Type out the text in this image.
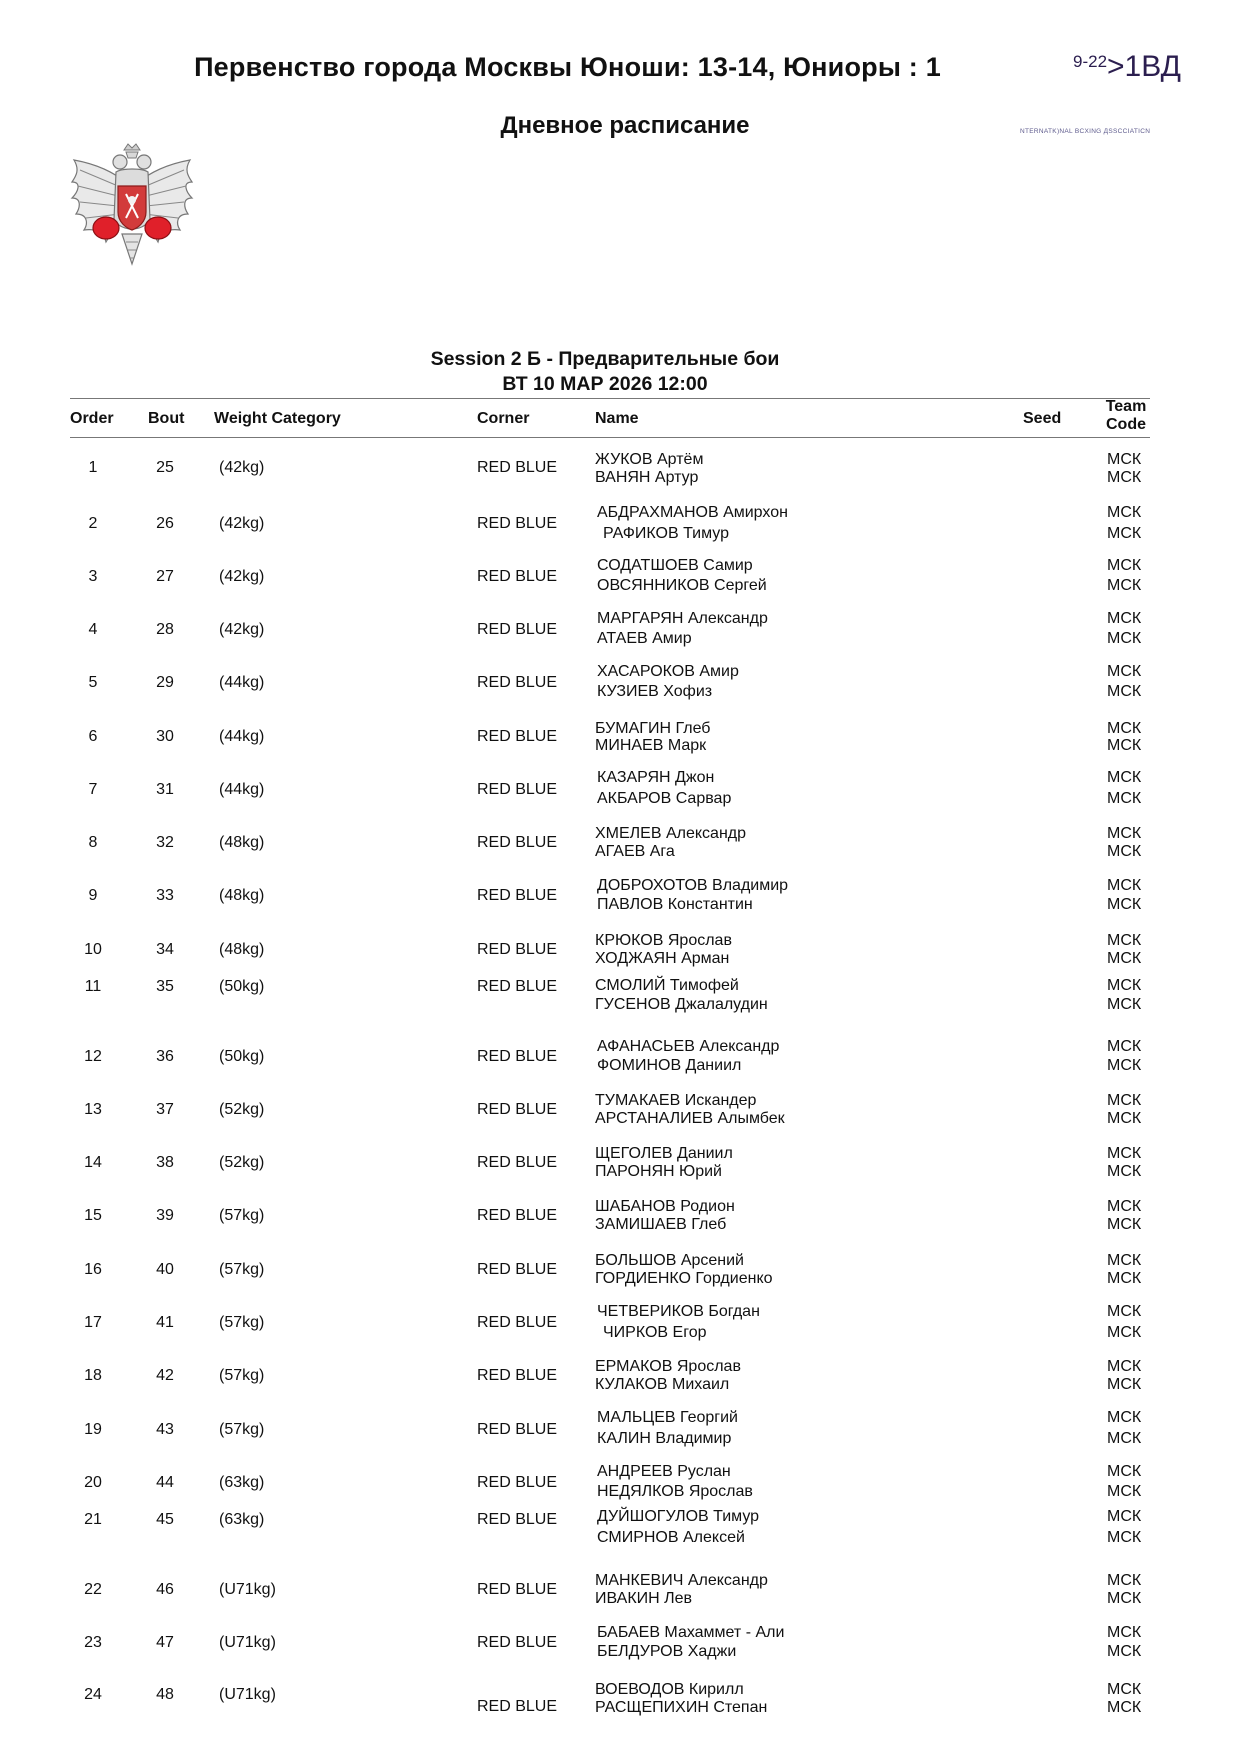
Первенство города Москвы Юноши: 13-14, Юниоры : 1
Дневное расписание
9-22>1ВД
NTERNATK)NAL BCXING ДSSCCIATICN
Session 2 Б - Предварительные бои
ВТ 10 МАР 2026 12:00
Order Bout Weight Category	Corner	Name	Seed
Team
Code
1	25	(42kg)	RED BLUE ЖУКОВ Артём
ВАНЯН Артур
МСК
МСК
2	26	(42kg)	RED BLUE
АБДРАХМАНОВ Амирхон
РАФИКОВ Тимур
МСК
МСК
3	27	(42kg)	RED BLUE
СОДАТШОЕВ Самир
ОВСЯННИКОВ Сергей
МСК
МСК
4	28	(42kg)	RED BLUE
МАРГАРЯН Александр
АТАЕВ Амир
МСК
МСК
5	29	(44kg)	RED BLUE
ХАСАРОКОВ Амир
КУЗИЕВ Хофиз
МСК
МСК
6	30	(44kg)	RED BLUE БУМАГИН Глеб
МИНАЕВ Марк
МСК
МСК
7	31	(44kg)	RED BLUE
КАЗАРЯН Джон
АКБАРОВ Сарвар
МСК
МСК
8	32	(48kg)	RED BLUE
ХМЕЛЕВ Александр
АГАЕВ Ага
МСК
МСК
9	33	(48kg)	RED BLUE
ДОБРОХОТОВ Владимир
ПАВЛОВ Константин
МСК
МСК
10	34	(48kg)	RED BLUE
КРЮКОВ Ярослав
ХОДЖАЯН Арман
МСК
МСК
11	35	(50kg)	RED BLUE СМОЛИЙ Тимофей
ГУСЕНОВ Джалалудин
МСК
МСК
12	36	(50kg)	RED BLUE
АФАНАСЬЕВ Александр
ФОМИНОВ Даниил
МСК
МСК
13	37	(52kg)	RED BLUE
ТУМАКАЕВ Искандер
АРСТАНАЛИЕВ Алымбек
МСК
МСК
14	38	(52kg)	RED BLUE
ЩЕГОЛЕВ Даниил
ПАРОНЯН Юрий
МСК
МСК
15	39	(57kg)	RED BLUE
ШАБАНОВ Родион
ЗАМИШАЕВ Глеб
МСК
МСК
16	40	(57kg)	RED BLUE
БОЛЬШОВ Арсений
ГОРДИЕНКО Гордиенко
МСК
МСК
17	41	(57kg)	RED BLUE
ЧЕТВЕРИКОВ Богдан
ЧИРКОВ Егор
МСК
МСК
18	42	(57kg)	RED BLUE
ЕРМАКОВ Ярослав
КУЛАКОВ Михаил
МСК
МСК
19	43	(57kg)	RED BLUE
МАЛЬЦЕВ Георгий
КАЛИН Владимир
МСК
МСК
20	44	(63kg)	RED BLUE
АНДРЕЕВ Руслан
НЕДЯЛКОВ Ярослав
МСК
МСК
21	45	(63kg)	RED BLUE ДУЙШОГУЛОВ Тимур
СМИРНОВ Алексей
МСК
МСК
22	46	(U71kg)	RED BLUE
МАНКЕВИЧ Александр
ИВАКИН Лев
МСК
МСК
23	47	(U71kg)	RED BLUE
БАБАЕВ Махаммет - Али
БЕЛДУРОВ Хаджи
МСК
МСК
24	48	(U71kg)
RED BLUE
ВОЕВОДОВ Кирилл
РАСЩЕПИХИН Степан
МСК
МСК
